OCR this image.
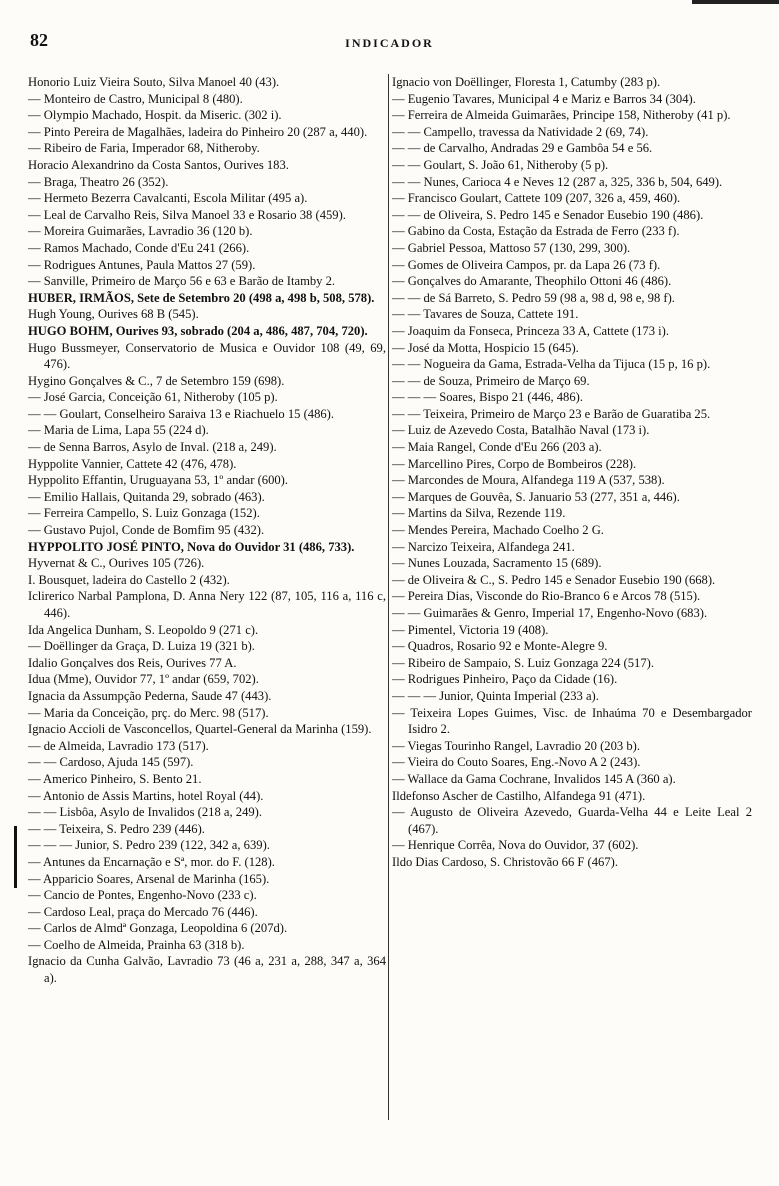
82	INDICADOR

Honorio Luiz Vieira Souto, Silva Manoel 40 (43).

— Monteiro de Castro, Municipal 8 (480).

— Olympio Machado, Hospit. da Miseric. (302 i).

— Pinto Pereira de Magalhães, ladeira do Pinheiro 20 (287 a, 440).

— Ribeiro de Faria, Imperador 68, Nitheroby.

Horacio Alexandrino da Costa Santos, Ourives 183.

— Braga, Theatro 26 (352).

— Hermeto Bezerra Cavalcanti, Escola Militar (495 a).

— Leal de Carvalho Reis, Silva Manoel 33 e Rosario 38 (459).

— Moreira Guimarães, Lavradio 36 (120 b).

— Ramos Machado, Conde d'Eu 241 (266).

— Rodrigues Antunes, Paula Mattos 27 (59).

— Sanville, Primeiro de Março 56 e 63 e Barão de Itamby 2.

HUBER, IRMÃOS, Sete de Setembro 20 (498 a, 498 b, 508, 578).

Hugh Young, Ourives 68 B (545).

HUGO BOHM, Ourives 93, sobrado (204 a, 486, 487, 704, 720).

Hugo Bussmeyer, Conservatorio de Musica e Ouvidor 108 (49, 69, 476).

Hygino Gonçalves & C., 7 de Setembro 159 (698).

— José Garcia, Conceição 61, Nitheroby (105 p).

— — Goulart, Conselheiro Saraiva 13 e Riachuelo 15 (486).

— Maria de Lima, Lapa 55 (224 d).

— de Senna Barros, Asylo de Inval. (218 a, 249).

Hyppolite Vannier, Cattete 42 (476, 478).

Hyppolito Effantin, Uruguayana 53, 1º andar (600).

— Emilio Hallais, Quitanda 29, sobrado (463).

— Ferreira Campello, S. Luiz Gonzaga (152).

— Gustavo Pujol, Conde de Bomfim 95 (432).

HYPPOLITO JOSÉ PINTO, Nova do Ouvidor 31 (486, 733).

Hyvernat & C., Ourives 105 (726).

I. Bousquet, ladeira do Castello 2 (432).

Iclirerico Narbal Pamplona, D. Anna Nery 122 (87, 105, 116 a, 116 c, 446).

Ida Angelica Dunham, S. Leopoldo 9 (271 c).

— Doëllinger da Graça, D. Luiza 19 (321 b).

Idalio Gonçalves dos Reis, Ourives 77 A.

Idua (Mme), Ouvidor 77, 1º andar (659, 702).

Ignacia da Assumpção Pederna, Saude 47 (443).

— Maria da Conceição, prç. do Merc. 98 (517).

Ignacio Accioli de Vasconcellos, Quartel-General da Marinha (159).

— de Almeida, Lavradio 173 (517).

— — Cardoso, Ajuda 145 (597).

— Americo Pinheiro, S. Bento 21.

— Antonio de Assis Martins, hotel Royal (44).

— — Lisbôa, Asylo de Invalidos (218 a, 249).

— — Teixeira, S. Pedro 239 (446).

— — — Junior, S. Pedro 239 (122, 342 a, 639).

— Antunes da Encarnação e Sª, mor. do F. (128).

— Apparicio Soares, Arsenal de Marinha (165).

— Cancio de Pontes, Engenho-Novo (233 c).

— Cardoso Leal, praça do Mercado 76 (446).

— Carlos de Almdª Gonzaga, Leopoldina 6 (207d).

— Coelho de Almeida, Prainha 63 (318 b).

Ignacio da Cunha Galvão, Lavradio 73 (46 a, 231 a, 288, 347 a, 364 a).

Ignacio von Doëllinger, Floresta 1, Catumby (283 p).

— Eugenio Tavares, Municipal 4 e Mariz e Barros 34 (304).

— Ferreira de Almeida Guimarães, Principe 158, Nitheroby (41 p).

— — Campello, travessa da Natividade 2 (69, 74).

— — de Carvalho, Andradas 29 e Gambôa 54 e 56.

— — Goulart, S. João 61, Nitheroby (5 p).

— — Nunes, Carioca 4 e Neves 12 (287 a, 325, 336 b, 504, 649).

— Francisco Goulart, Cattete 109 (207, 326 a, 459, 460).

— — de Oliveira, S. Pedro 145 e Senador Eusebio 190 (486).

— Gabino da Costa, Estação da Estrada de Ferro (233 f).

— Gabriel Pessoa, Mattoso 57 (130, 299, 300).

— Gomes de Oliveira Campos, pr. da Lapa 26 (73 f).

— Gonçalves do Amarante, Theophilo Ottoni 46 (486).

— — de Sá Barreto, S. Pedro 59 (98 a, 98 d, 98 e, 98 f).

— — Tavares de Souza, Cattete 191.

— Joaquim da Fonseca, Princeza 33 A, Cattete (173 i).

— José da Motta, Hospicio 15 (645).

— — Nogueira da Gama, Estrada-Velha da Tijuca (15 p, 16 p).

— — de Souza, Primeiro de Março 69.

— — — Soares, Bispo 21 (446, 486).

— — Teixeira, Primeiro de Março 23 e Barão de Guaratiba 25.

— Luiz de Azevedo Costa, Batalhão Naval (173 i).

— Maia Rangel, Conde d'Eu 266 (203 a).

— Marcellino Pires, Corpo de Bombeiros (228).

— Marcondes de Moura, Alfandega 119 A (537, 538).

— Marques de Gouvêa, S. Januario 53 (277, 351 a, 446).

— Martins da Silva, Rezende 119.

— Mendes Pereira, Machado Coelho 2 G.

— Narcizo Teixeira, Alfandega 241.

— Nunes Louzada, Sacramento 15 (689).

— de Oliveira & C., S. Pedro 145 e Senador Eusebio 190 (668).

— Pereira Dias, Visconde do Rio-Branco 6 e Arcos 78 (515).

— — Guimarães & Genro, Imperial 17, Engenho-Novo (683).

— Pimentel, Victoria 19 (408).

— Quadros, Rosario 92 e Monte-Alegre 9.

— Ribeiro de Sampaio, S. Luiz Gonzaga 224 (517).

— Rodrigues Pinheiro, Paço da Cidade (16).

— — — Junior, Quinta Imperial (233 a).

— Teixeira Lopes Guimes, Visc. de Inhaúma 70 e Desembargador Isidro 2.

— Viegas Tourinho Rangel, Lavradio 20 (203 b).

— Vieira do Couto Soares, Eng.-Novo A 2 (243).

— Wallace da Gama Cochrane, Invalidos 145 A (360 a).

Ildefonso Ascher de Castilho, Alfandega 91 (471).

— Augusto de Oliveira Azevedo, Guarda-Velha 44 e Leite Leal 2 (467).

— Henrique Corrêa, Nova do Ouvidor, 37 (602).

Ildo Dias Cardoso, S. Christovão 66 F (467).
